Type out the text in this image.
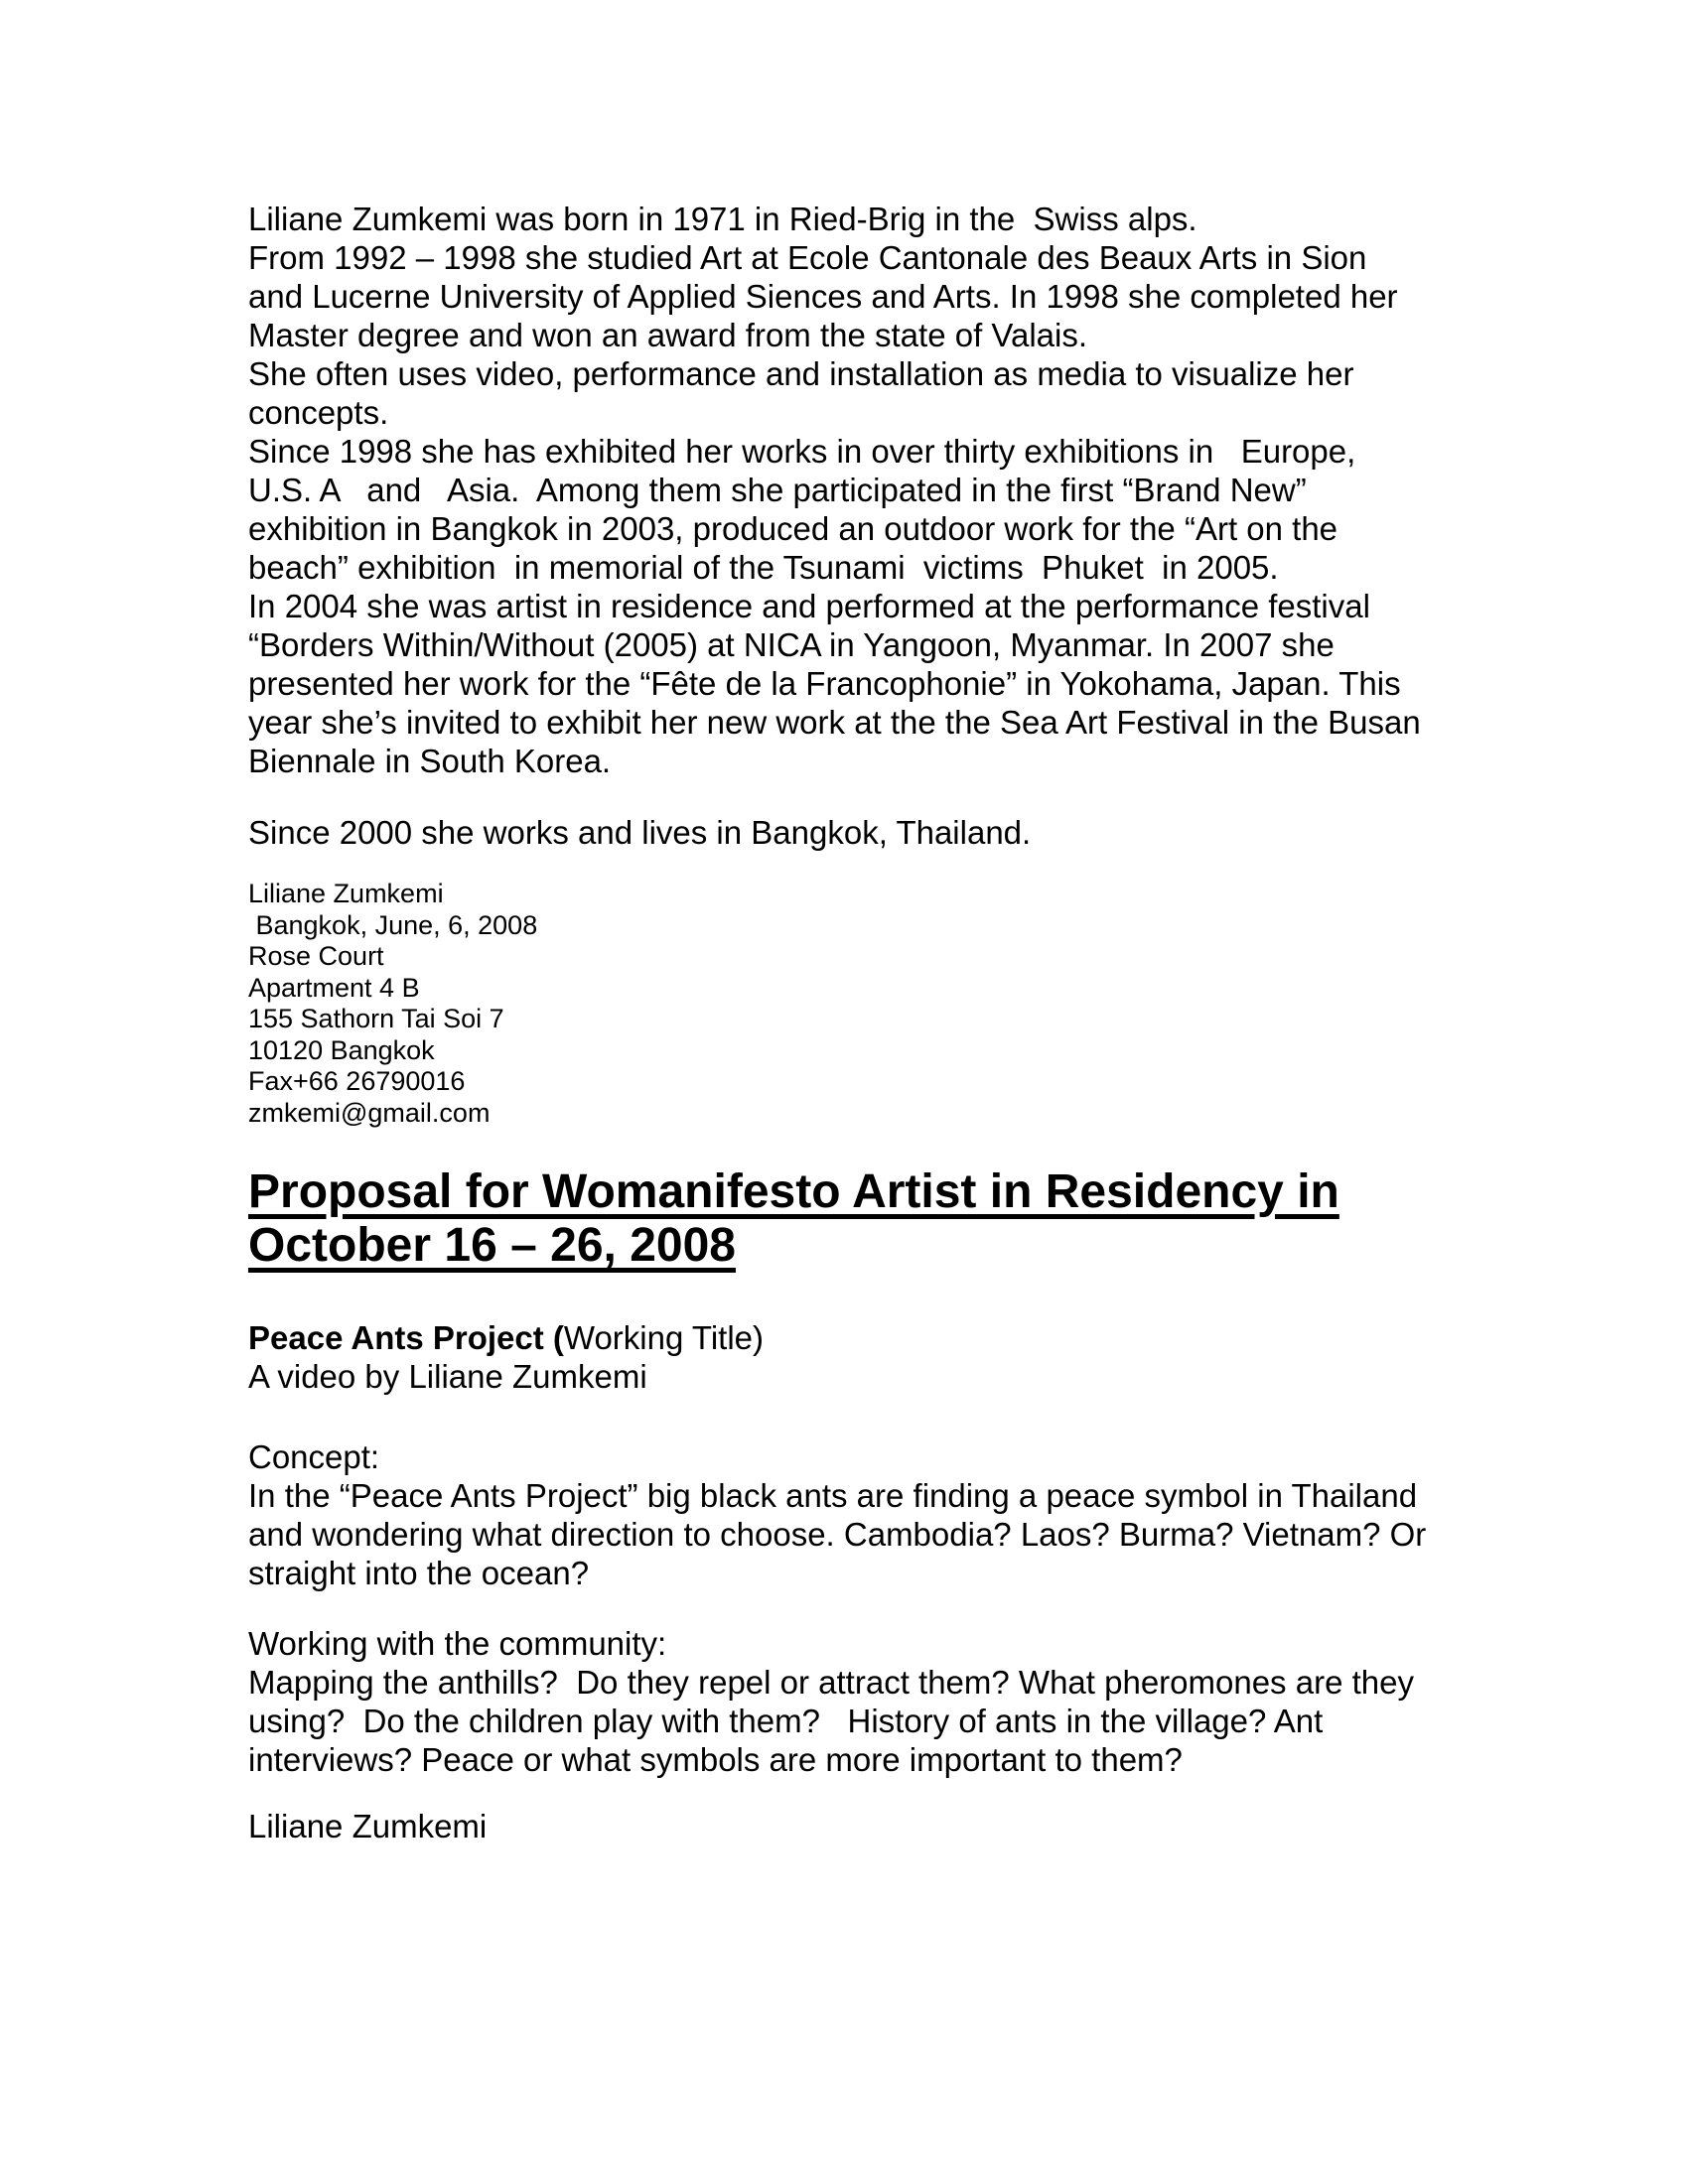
Liliane Zumkemi was born in 1971 in Ried-Brig in the  Swiss alps.
From 1992 – 1998 she studied Art at Ecole Cantonale des Beaux Arts in Sion
and Lucerne University of Applied Siences and Arts. In 1998 she completed her
Master degree and won an award from the state of Valais.
She often uses video, performance and installation as media to visualize her
concepts.
Since 1998 she has exhibited her works in over thirty exhibitions in   Europe,
U.S. A   and   Asia.  Among them she participated in the first “Brand New”
exhibition in Bangkok in 2003, produced an outdoor work for the “Art on the
beach” exhibition  in memorial of the Tsunami  victims  Phuket  in 2005.
In 2004 she was artist in residence and performed at the performance festival
“Borders Within/Without (2005) at NICA in Yangoon, Myanmar. In 2007 she
presented her work for the “Fête de la Francophonie” in Yokohama, Japan. This
year she’s invited to exhibit her new work at the the Sea Art Festival in the Busan
Biennale in South Korea.
Since 2000 she works and lives in Bangkok, Thailand.
Liliane Zumkemi
Bangkok, June, 6, 2008
Rose Court
Apartment 4 B
155 Sathorn Tai Soi 7
10120 Bangkok
Fax+66 26790016
zmkemi@gmail.com
Proposal for Womanifesto Artist in Residency in
October 16 – 26, 2008
Peace Ants Project (Working Title)
A video by Liliane Zumkemi
Concept:
In the “Peace Ants Project” big black ants are finding a peace symbol in Thailand
and wondering what direction to choose. Cambodia? Laos? Burma? Vietnam? Or
straight into the ocean?
Working with the community:
Mapping the anthills?  Do they repel or attract them? What pheromones are they
using?  Do the children play with them?   History of ants in the village? Ant
interviews? Peace or what symbols are more important to them?
Liliane Zumkemi
